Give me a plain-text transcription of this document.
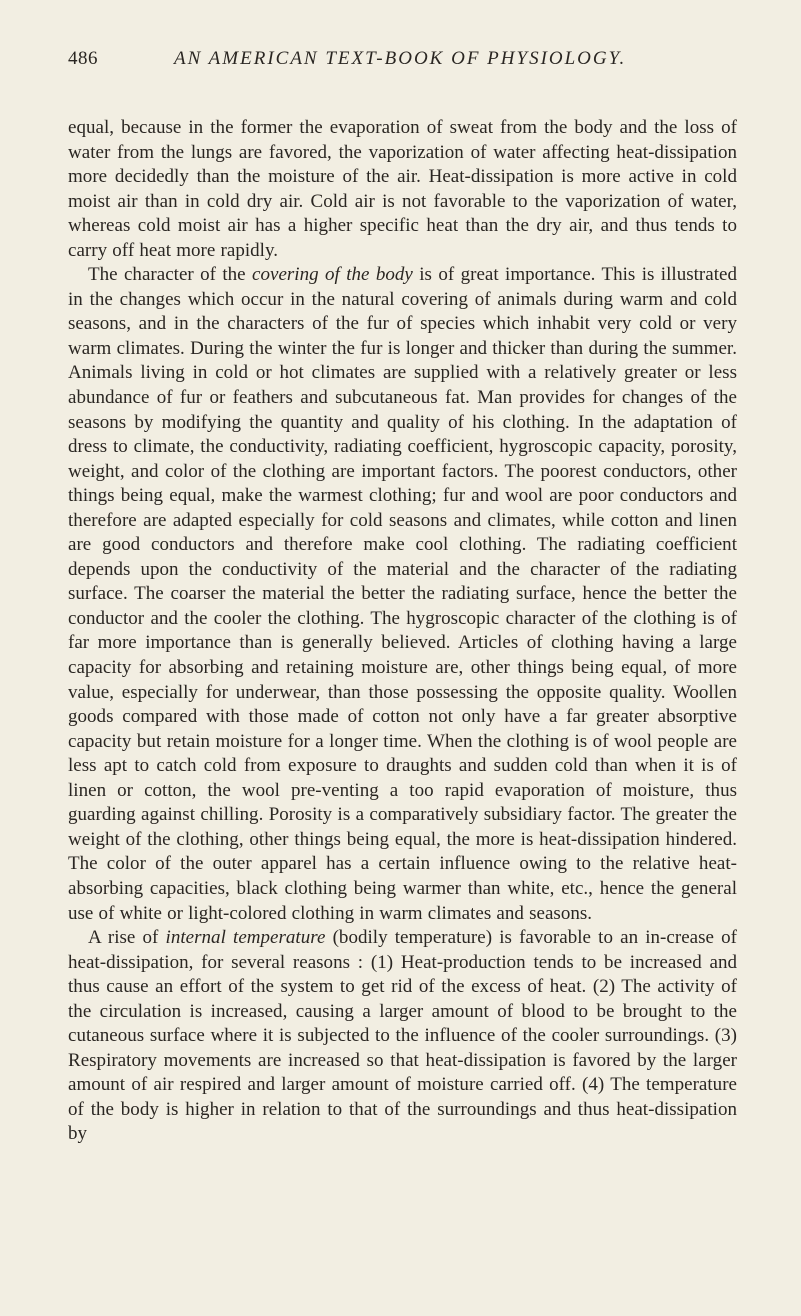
486	AN AMERICAN TEXT-BOOK OF PHYSIOLOGY.

equal, because in the former the evaporation of sweat from the body and the loss of water from the lungs are favored, the vaporization of water affecting heat-dissipation more decidedly than the moisture of the air. Heat-dissipation is more active in cold moist air than in cold dry air. Cold air is not favorable to the vaporization of water, whereas cold moist air has a higher specific heat than the dry air, and thus tends to carry off heat more rapidly.

The character of the covering of the body is of great importance. This is illustrated in the changes which occur in the natural covering of animals during warm and cold seasons, and in the characters of the fur of species which inhabit very cold or very warm climates. During the winter the fur is longer and thicker than during the summer. Animals living in cold or hot climates are supplied with a relatively greater or less abundance of fur or feathers and subcutaneous fat. Man provides for changes of the seasons by modifying the quantity and quality of his clothing. In the adaptation of dress to climate, the conductivity, radiating coefficient, hygroscopic capacity, porosity, weight, and color of the clothing are important factors. The poorest conductors, other things being equal, make the warmest clothing; fur and wool are poor conductors and therefore are adapted especially for cold seasons and climates, while cotton and linen are good conductors and therefore make cool clothing. The radiating coefficient depends upon the conductivity of the material and the character of the radiating surface. The coarser the material the better the radiating surface, hence the better the conductor and the cooler the clothing. The hygroscopic character of the clothing is of far more importance than is generally believed. Articles of clothing having a large capacity for absorbing and retaining moisture are, other things being equal, of more value, especially for underwear, than those possessing the opposite quality. Woollen goods compared with those made of cotton not only have a far greater absorptive capacity but retain moisture for a longer time. When the clothing is of wool people are less apt to catch cold from exposure to draughts and sudden cold than when it is of linen or cotton, the wool pre-venting a too rapid evaporation of moisture, thus guarding against chilling. Porosity is a comparatively subsidiary factor. The greater the weight of the clothing, other things being equal, the more is heat-dissipation hindered. The color of the outer apparel has a certain influence owing to the relative heat-absorbing capacities, black clothing being warmer than white, etc., hence the general use of white or light-colored clothing in warm climates and seasons.

A rise of internal temperature (bodily temperature) is favorable to an in-crease of heat-dissipation, for several reasons : (1) Heat-production tends to be increased and thus cause an effort of the system to get rid of the excess of heat. (2) The activity of the circulation is increased, causing a larger amount of blood to be brought to the cutaneous surface where it is subjected to the influence of the cooler surroundings. (3) Respiratory movements are increased so that heat-dissipation is favored by the larger amount of air respired and larger amount of moisture carried off. (4) The temperature of the body is higher in relation to that of the surroundings and thus heat-dissipation by
